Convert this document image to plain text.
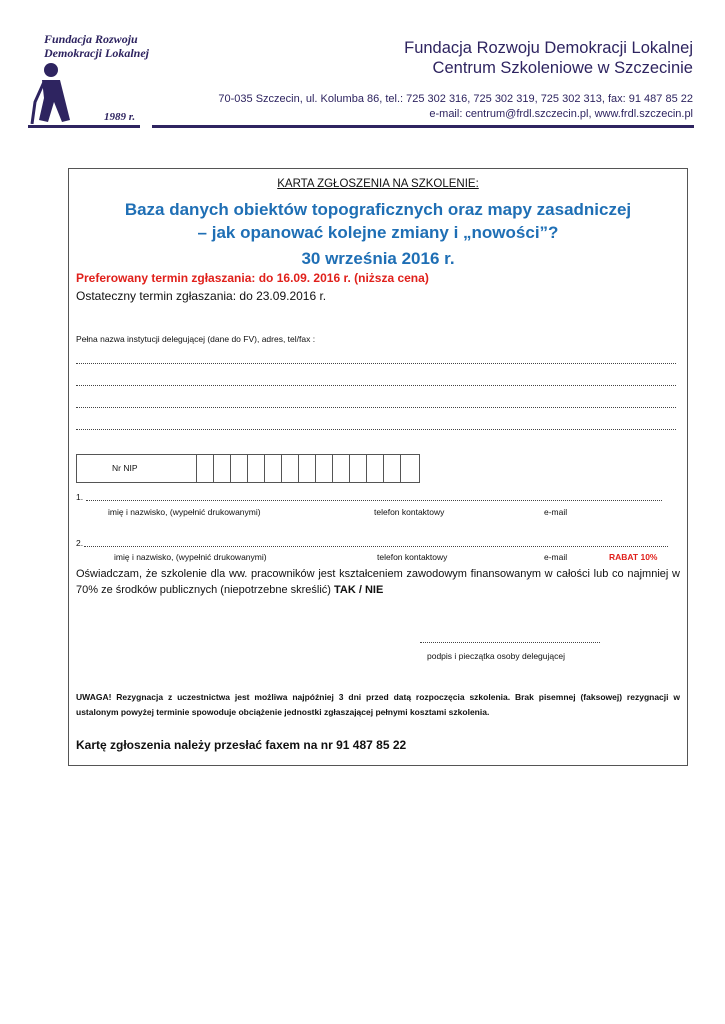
Fundacja Rozwoju
Demokracji Lokalnej
1989 r.
Fundacja Rozwoju Demokracji Lokalnej
Centrum Szkoleniowe w Szczecinie
70-035 Szczecin, ul. Kolumba 86, tel.: 725 302 316, 725 302 319, 725 302 313, fax: 91 487 85 22
e-mail: centrum@frdl.szczecin.pl, www.frdl.szczecin.pl
KARTA ZGŁOSZENIA NA SZKOLENIE:
Baza danych obiektów topograficznych oraz mapy zasadniczej
– jak opanować kolejne zmiany i „nowości”?
30 września 2016 r.
Preferowany termin zgłaszania: do 16.09. 2016 r. (niższa cena)
Ostateczny termin zgłaszania: do 23.09.2016 r.
Pełna nazwa instytucji delegującej (dane do FV), adres, tel/fax :
Nr NIP
1.
imię i nazwisko, (wypełnić drukowanymi)	telefon kontaktowy	e-mail
2.
imię i nazwisko, (wypełnić drukowanymi)	telefon kontaktowy	e-mail	RABAT 10%
Oświadczam, że szkolenie dla ww. pracowników jest kształceniem zawodowym finansowanym w całości lub co najmniej w 70% ze środków publicznych (niepotrzebne skreślić) TAK / NIE
podpis i pieczątka osoby delegującej
UWAGA! Rezygnacja z uczestnictwa jest możliwa najpóźniej 3 dni przed datą rozpoczęcia szkolenia. Brak pisemnej (faksowej) rezygnacji w ustalonym powyżej terminie spowoduje obciążenie jednostki zgłaszającej pełnymi kosztami szkolenia.
Kartę zgłoszenia należy przesłać faxem na nr 91 487 85 22
